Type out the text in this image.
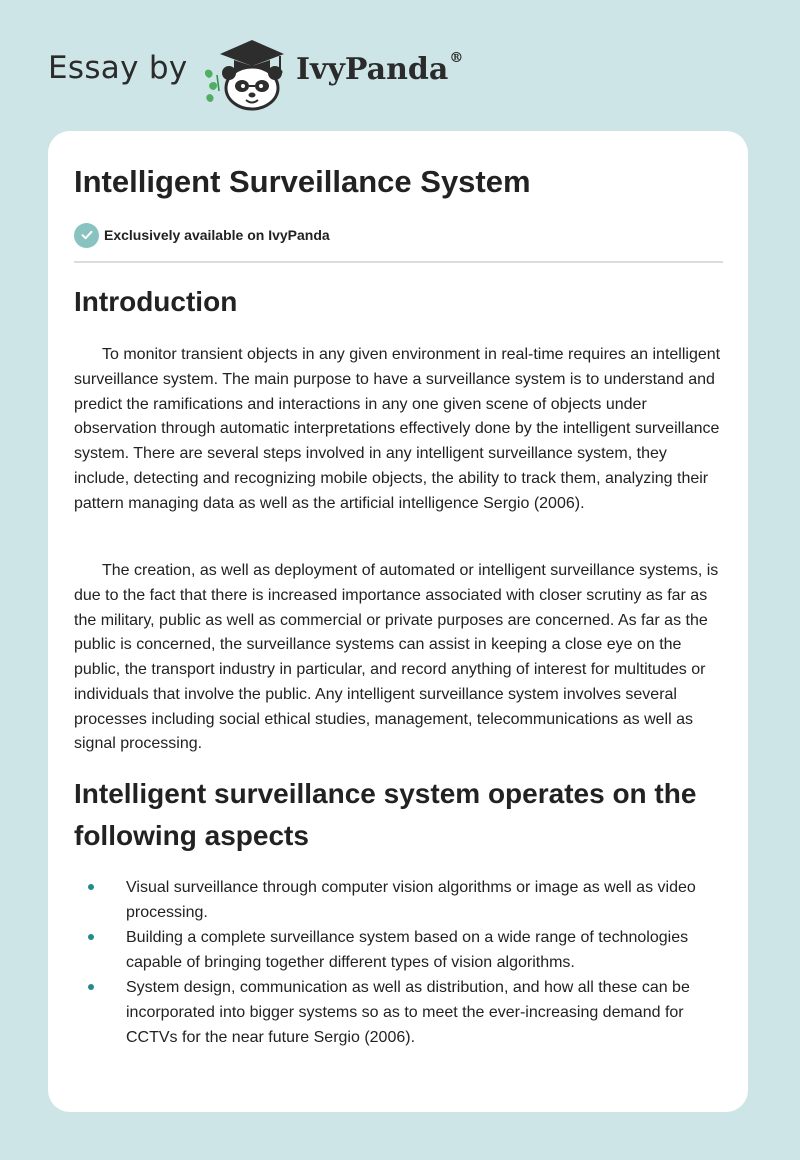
Essay by	IvyPanda®
Intelligent Surveillance System
Exclusively available on IvyPanda
Introduction

To monitor transient objects in any given environment in real-time requires an intelligent surveillance system. The main purpose to have a surveillance system is to understand and predict the ramifications and interactions in any one given scene of objects under observation through automatic interpretations effectively done by the intelligent surveillance system. There are several steps involved in any intelligent surveillance system, they include, detecting and recognizing mobile objects, the ability to track them, analyzing their pattern managing data as well as the artificial intelligence Sergio (2006).

The creation, as well as deployment of automated or intelligent surveillance systems, is due to the fact that there is increased importance associated with closer scrutiny as far as the military, public as well as commercial or private purposes are concerned. As far as the public is concerned, the surveillance systems can assist in keeping a close eye on the public, the transport industry in particular, and record anything of interest for multitudes or individuals that involve the public. Any intelligent surveillance system involves several processes including social ethical studies, management, telecommunications as well as signal processing.

Intelligent surveillance system operates on the following aspects
Visual surveillance through computer vision algorithms or image as well as video processing.
Building a complete surveillance system based on a wide range of technologies capable of bringing together different types of vision algorithms.
System design, communication as well as distribution, and how all these can be incorporated into bigger systems so as to meet the ever-increasing demand for CCTVs for the near future Sergio (2006).
